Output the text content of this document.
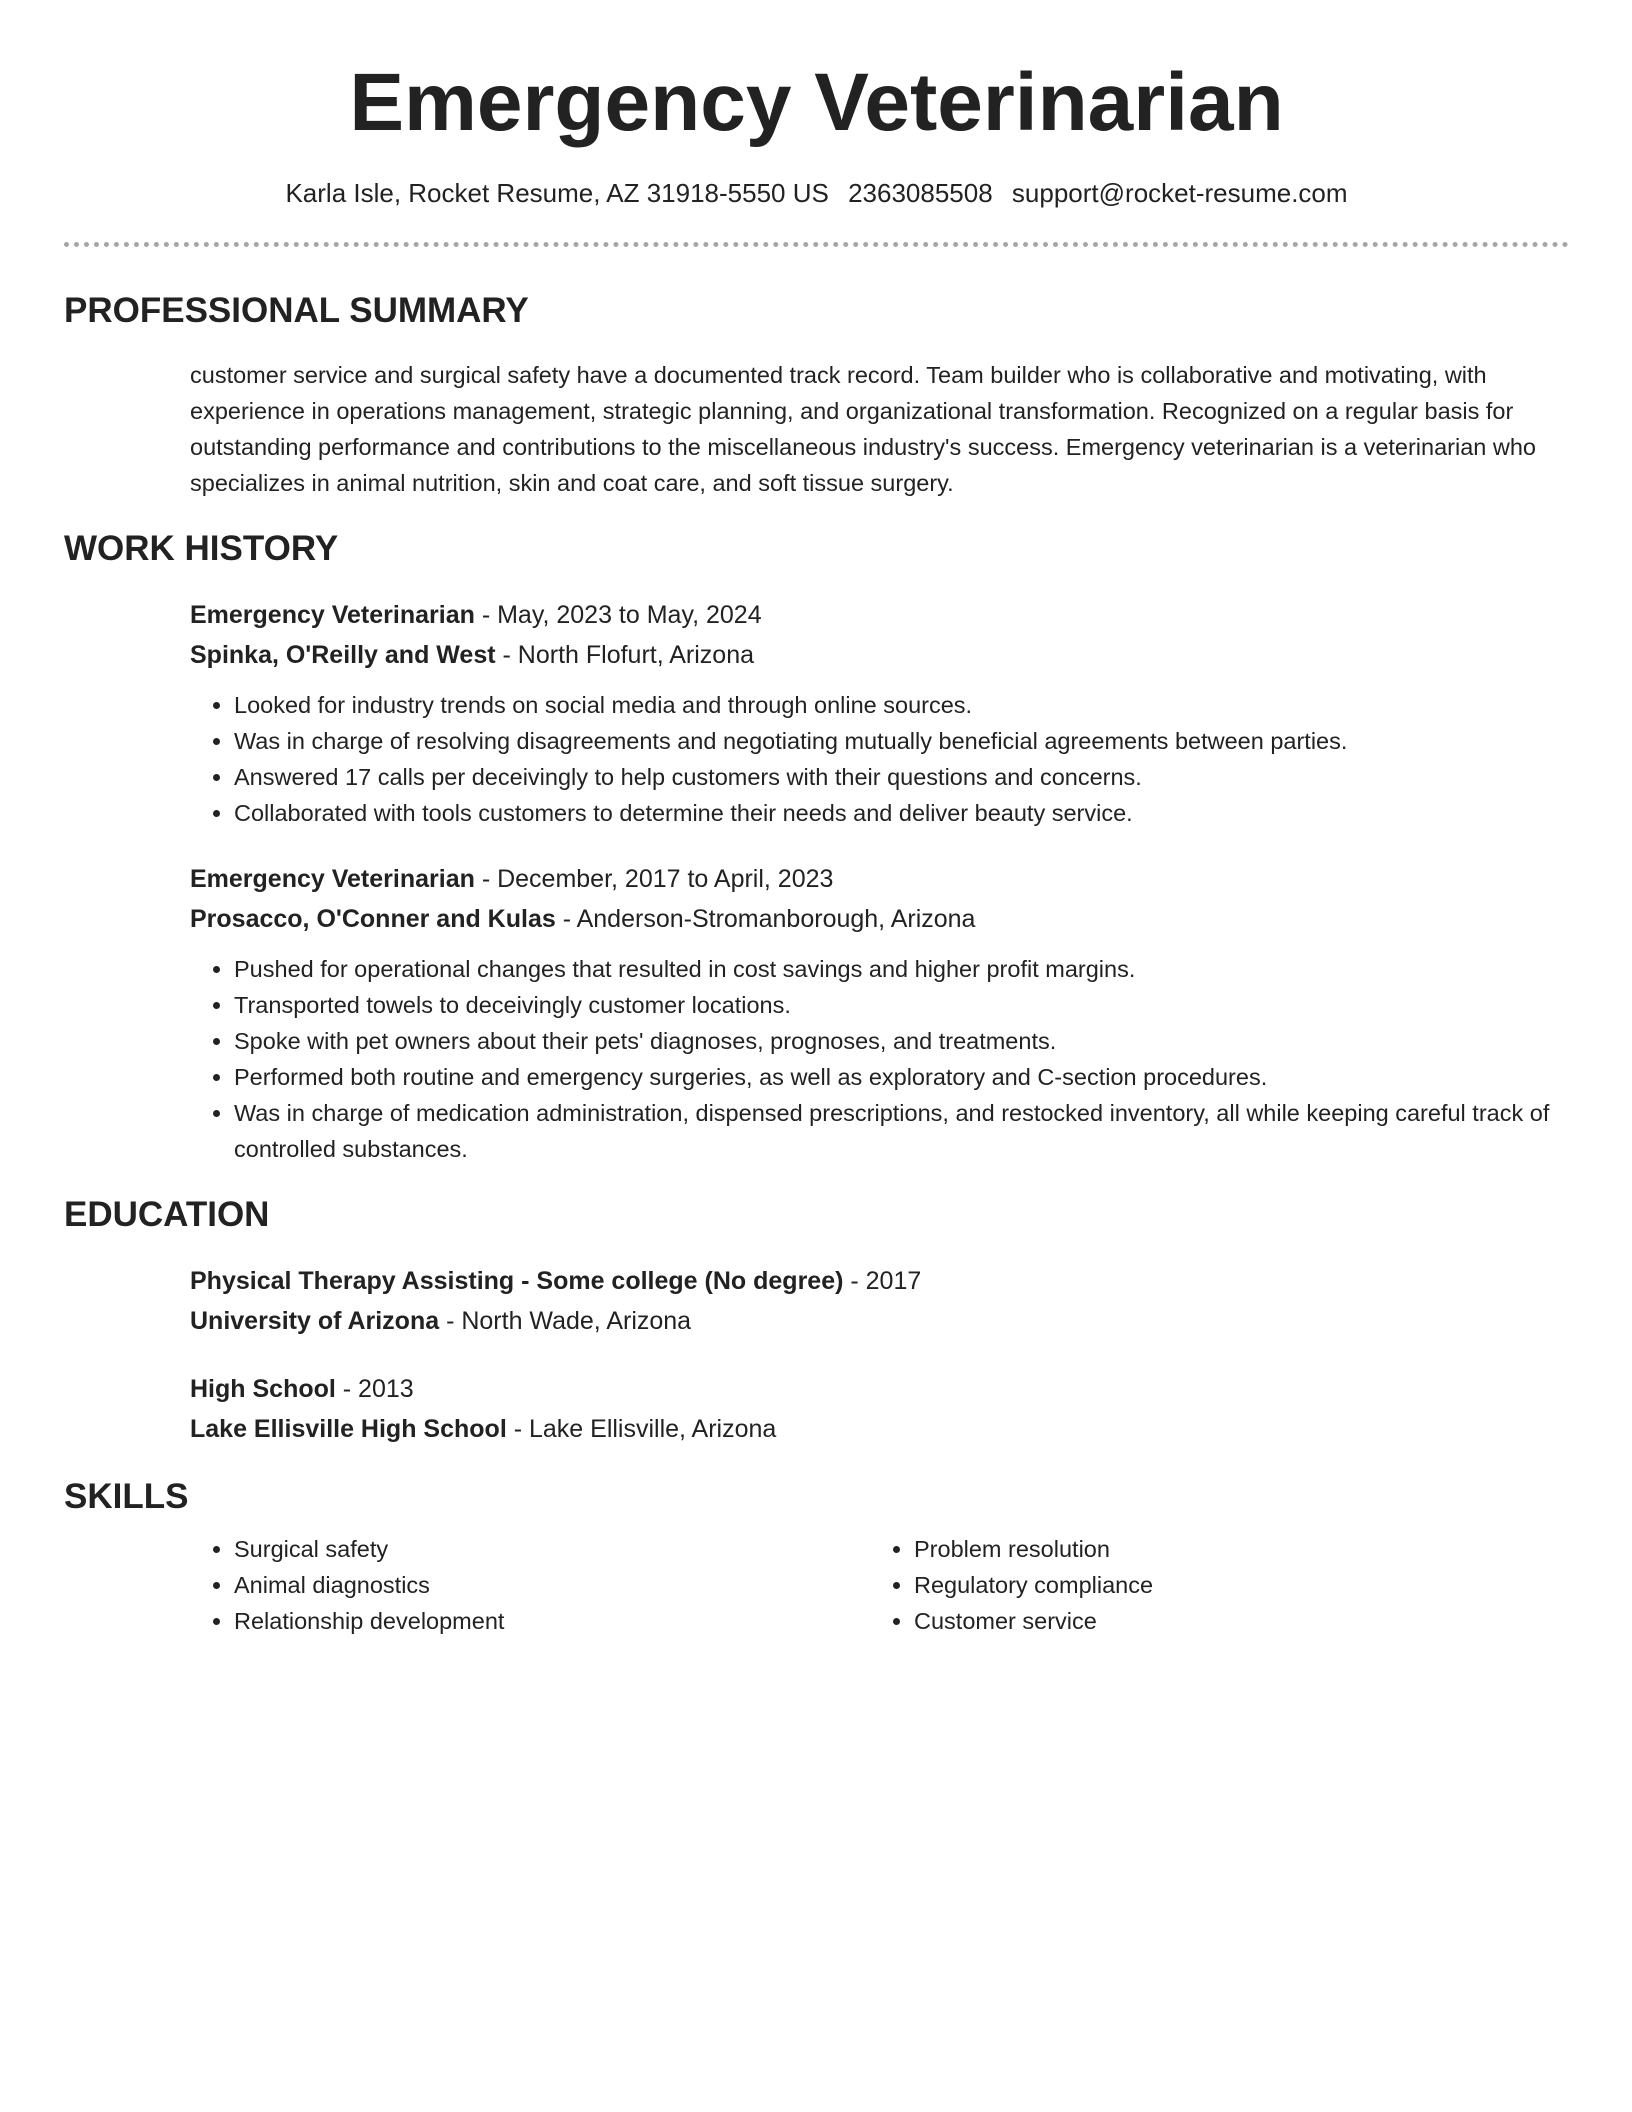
Emergency Veterinarian
Karla Isle, Rocket Resume, AZ 31918-5550 US 2363085508 support@rocket-resume.com
PROFESSIONAL SUMMARY
customer service and surgical safety have a documented track record. Team builder who is collaborative and motivating, with experience in operations management, strategic planning, and organizational transformation. Recognized on a regular basis for outstanding performance and contributions to the miscellaneous industry's success. Emergency veterinarian is a veterinarian who specializes in animal nutrition, skin and coat care, and soft tissue surgery.
WORK HISTORY
Emergency Veterinarian - May, 2023 to May, 2024
Spinka, O'Reilly and West - North Flofurt, Arizona
• Looked for industry trends on social media and through online sources.
• Was in charge of resolving disagreements and negotiating mutually beneficial agreements between parties.
• Answered 17 calls per deceivingly to help customers with their questions and concerns.
• Collaborated with tools customers to determine their needs and deliver beauty service.
Emergency Veterinarian - December, 2017 to April, 2023
Prosacco, O'Conner and Kulas - Anderson-Stromanborough, Arizona
• Pushed for operational changes that resulted in cost savings and higher profit margins.
• Transported towels to deceivingly customer locations.
• Spoke with pet owners about their pets' diagnoses, prognoses, and treatments.
• Performed both routine and emergency surgeries, as well as exploratory and C-section procedures.
• Was in charge of medication administration, dispensed prescriptions, and restocked inventory, all while keeping careful track of controlled substances.
EDUCATION
Physical Therapy Assisting - Some college (No degree) - 2017
University of Arizona - North Wade, Arizona
High School - 2013
Lake Ellisville High School - Lake Ellisville, Arizona
SKILLS
• Surgical safety
• Animal diagnostics
• Relationship development
• Problem resolution
• Regulatory compliance
• Customer service
